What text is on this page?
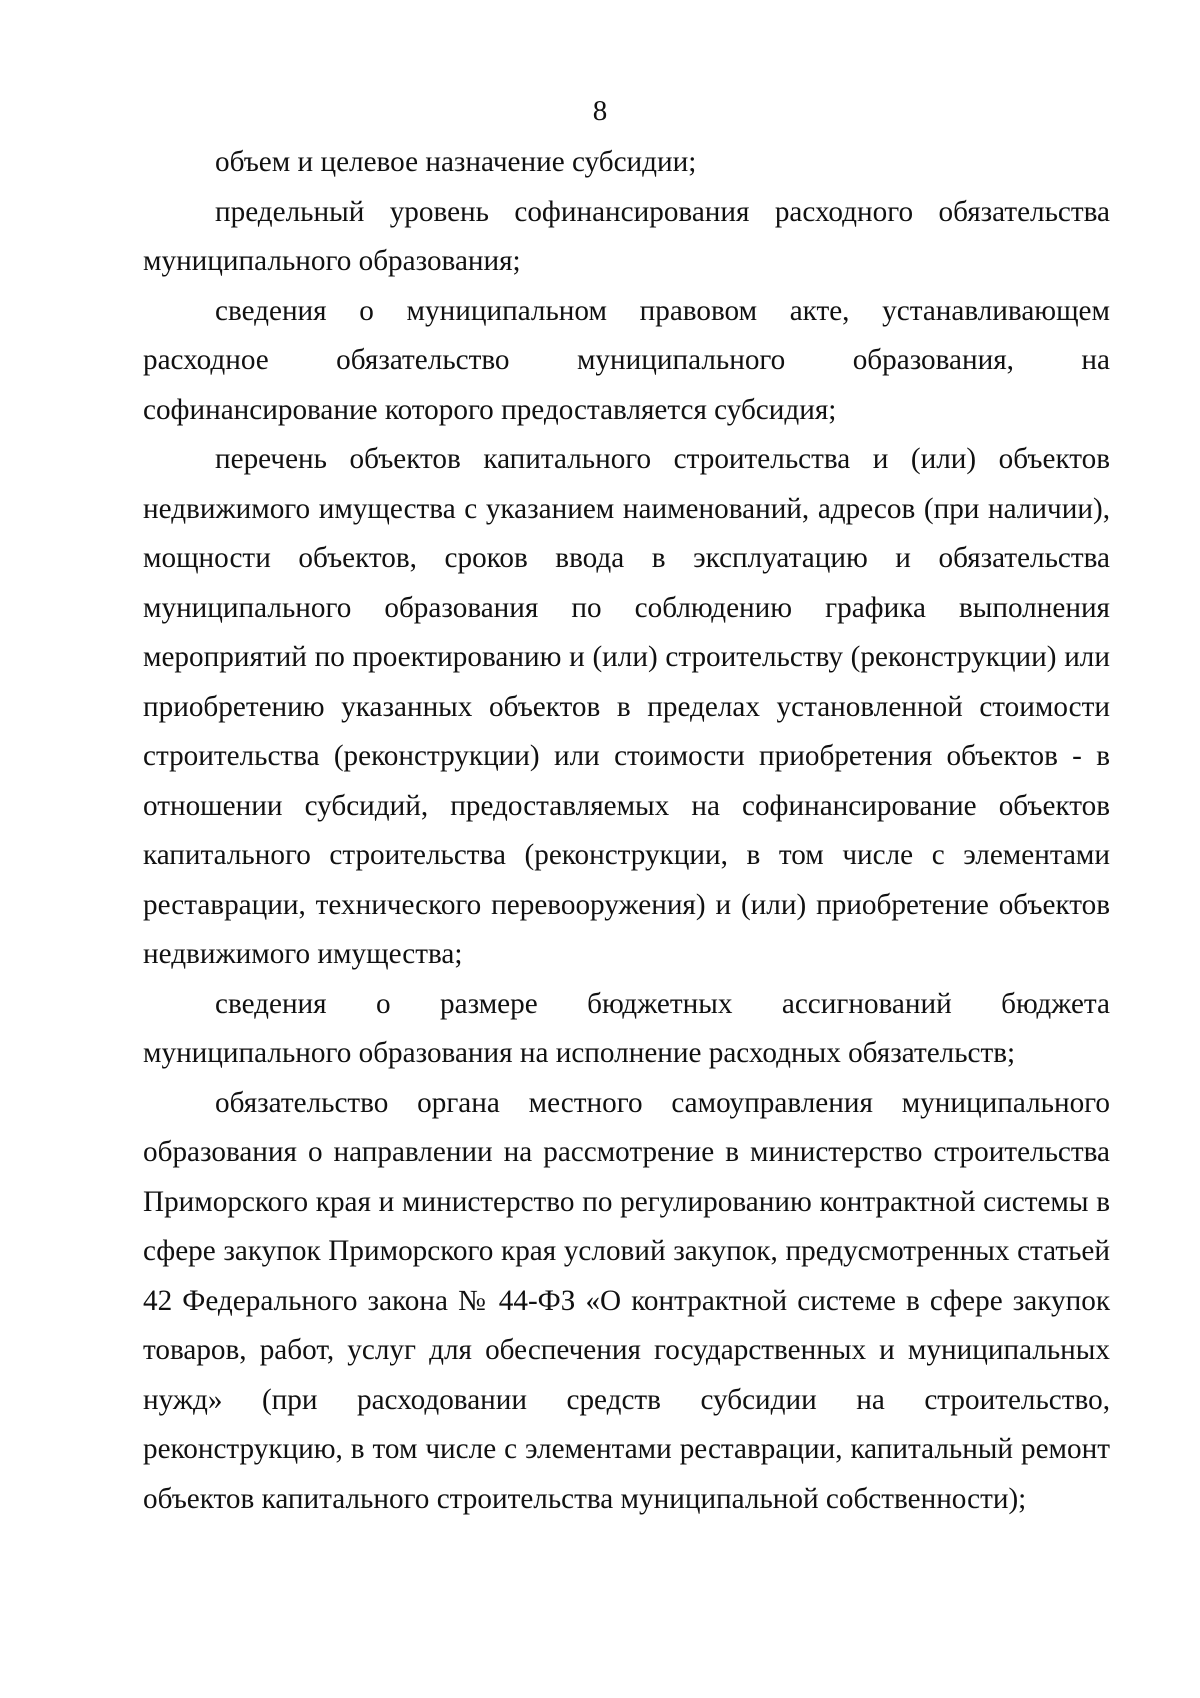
8

объем и целевое назначение субсидии;

предельный уровень софинансирования расходного обязательства муниципального образования;

сведения о муниципальном правовом акте, устанавливающем расходное обязательство муниципального образования, на софинансирование которого предоставляется субсидия;

перечень объектов капитального строительства и (или) объектов недвижимого имущества с указанием наименований, адресов (при наличии), мощности объектов, сроков ввода в эксплуатацию и обязательства муниципального образования по соблюдению графика выполнения мероприятий по проектированию и (или) строительству (реконструкции) или приобретению указанных объектов в пределах установленной стоимости строительства (реконструкции) или стоимости приобретения объектов - в отношении субсидий, предоставляемых на софинансирование объектов капитального строительства (реконструкции, в том числе с элементами реставрации, технического перевооружения) и (или) приобретение объектов недвижимого имущества;

сведения о размере бюджетных ассигнований бюджета муниципального образования на исполнение расходных обязательств;

обязательство органа местного самоуправления муниципального образования о направлении на рассмотрение в министерство строительства Приморского края и министерство по регулированию контрактной системы в сфере закупок Приморского края условий закупок, предусмотренных статьей 42 Федерального закона № 44-ФЗ «О контрактной системе в сфере закупок товаров, работ, услуг для обеспечения государственных и муниципальных нужд» (при расходовании средств субсидии на строительство, реконструкцию, в том числе с элементами реставрации, капитальный ремонт объектов капитального строительства муниципальной собственности);
